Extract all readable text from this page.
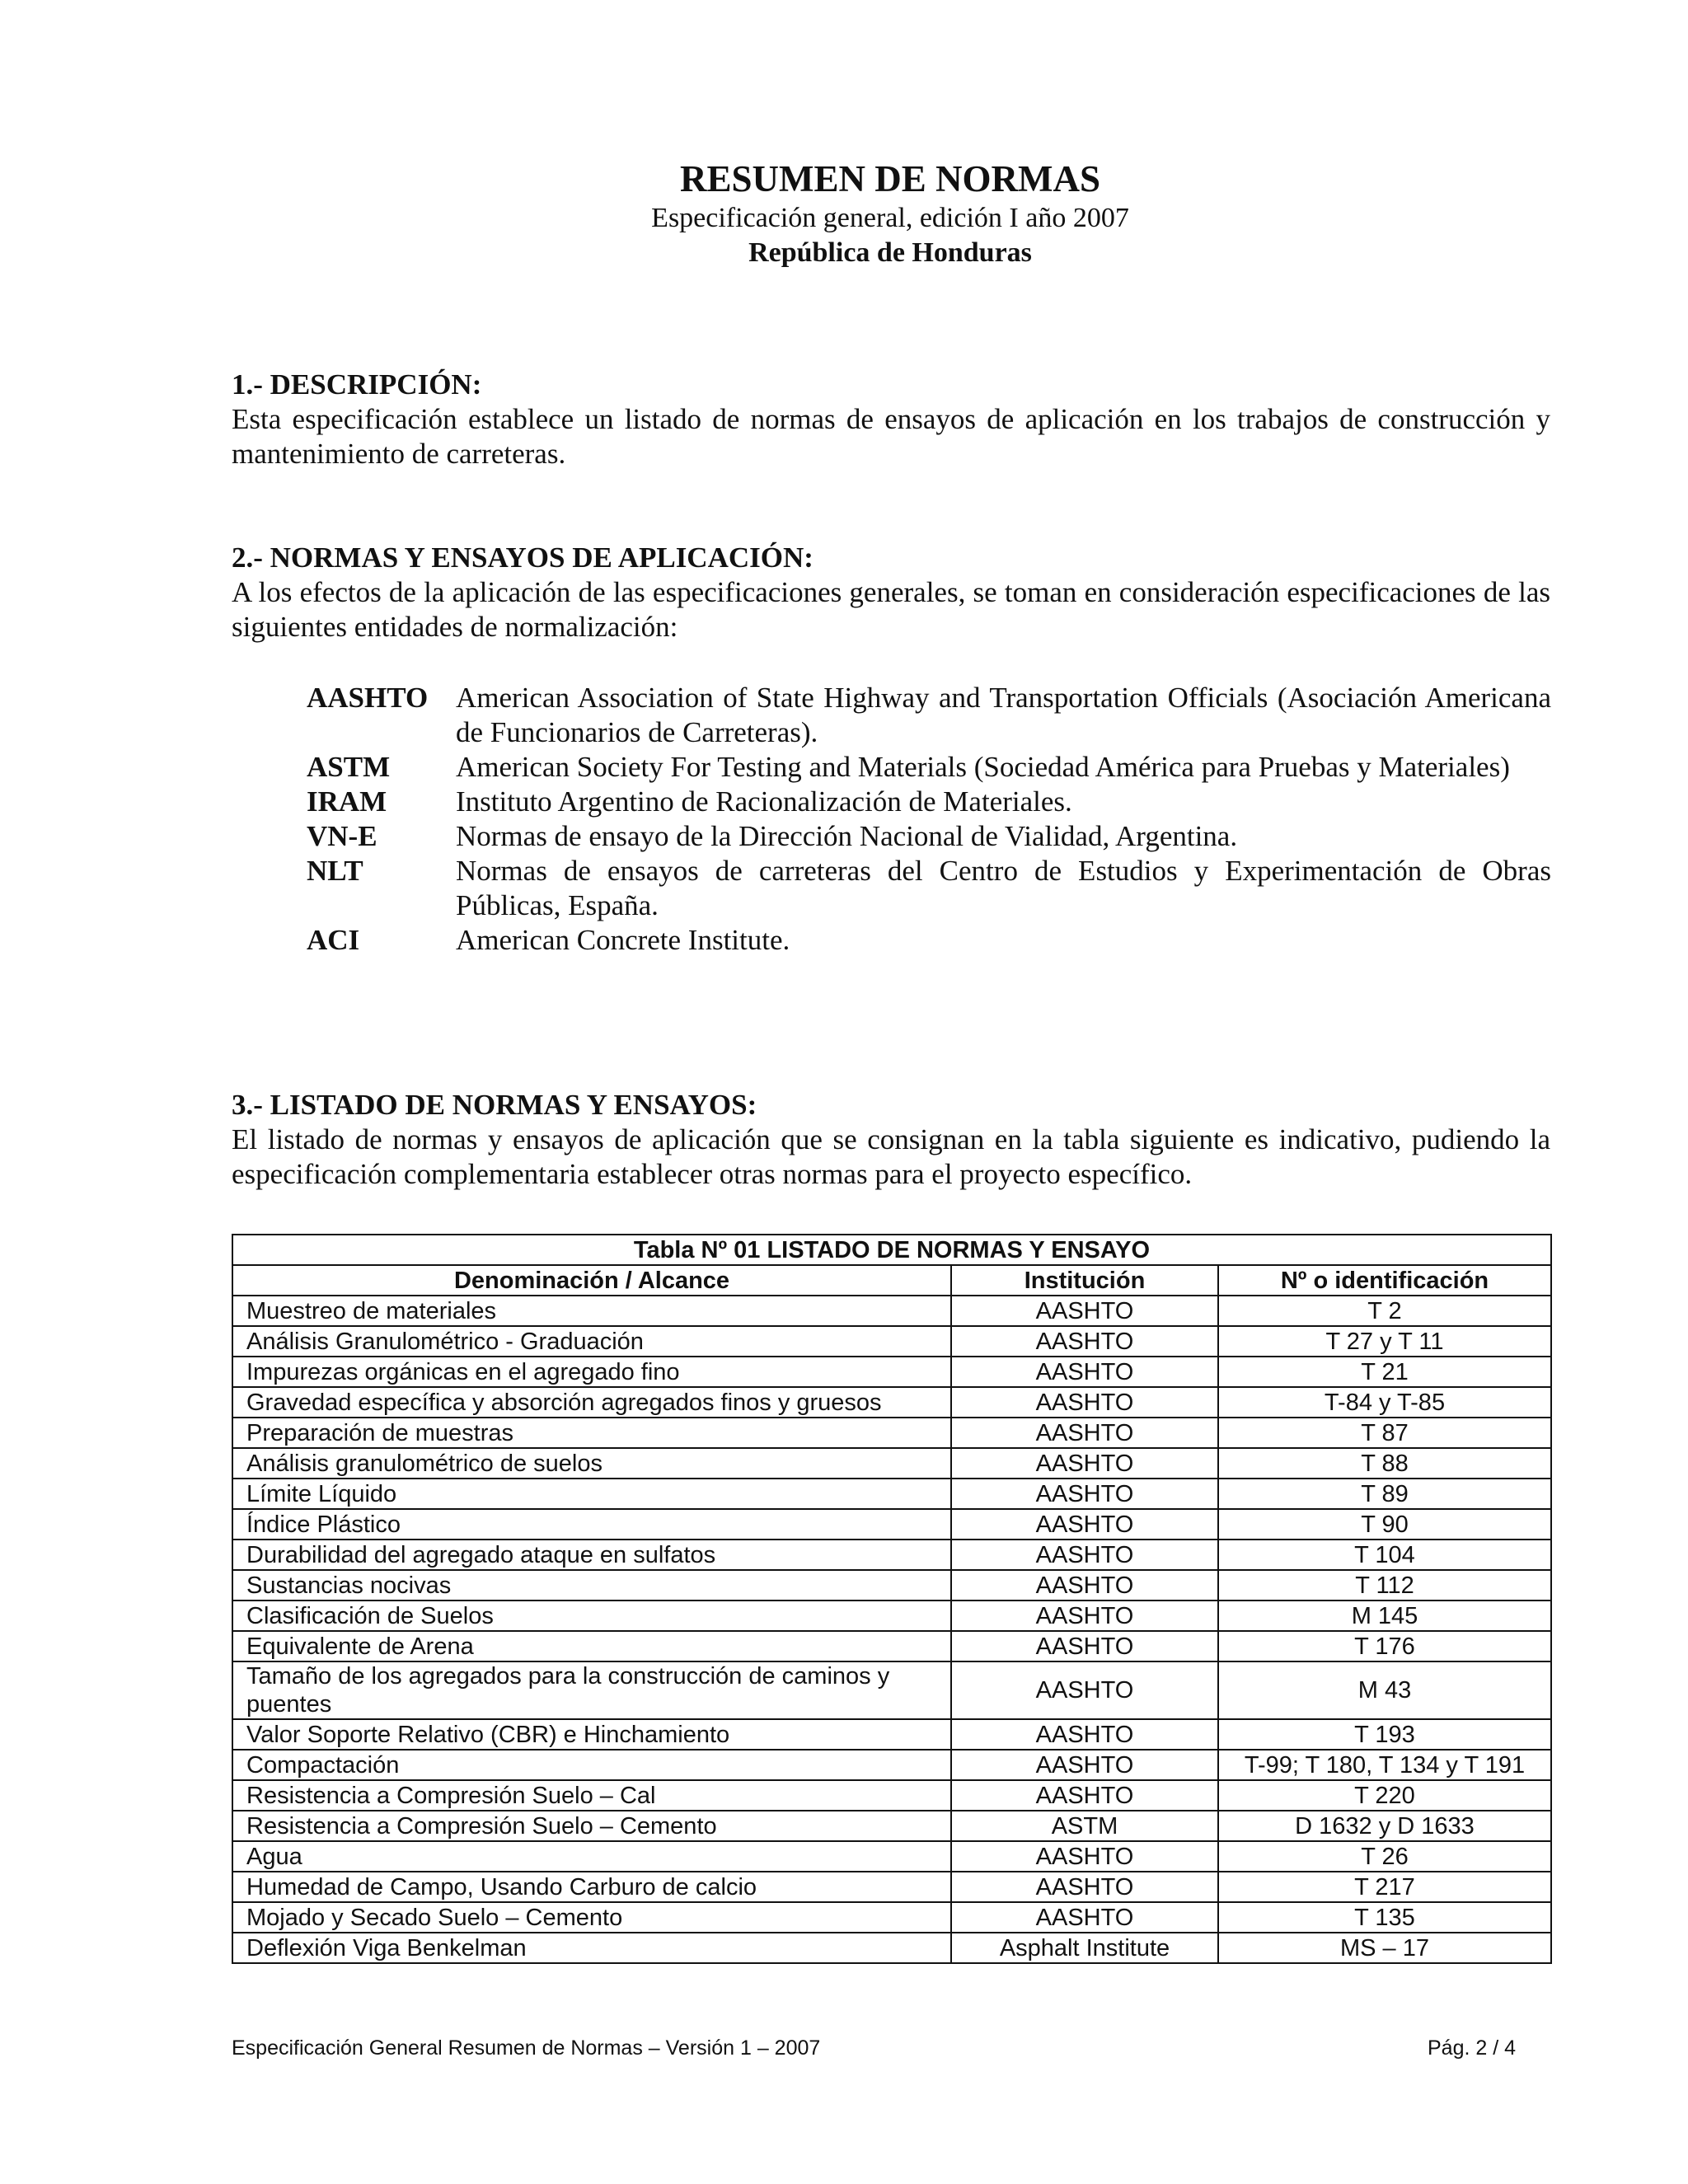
RESUMEN DE NORMAS
Especificación general, edición I año 2007
República de Honduras
1.- DESCRIPCIÓN:

Esta especificación establece un listado de normas de ensayos de aplicación en los trabajos de construcción y mantenimiento de carreteras.

2.- NORMAS Y ENSAYOS DE APLICACIÓN:

A los efectos de la aplicación de las especificaciones generales, se toman en consideración especificaciones de las siguientes entidades de normalización:

AASHTO American Association of State Highway and Transportation Officials (Asociación Americana de Funcionarios de Carreteras).
ASTM	American Society For Testing and Materials (Sociedad América para Pruebas y Materiales)
IRAM	Instituto Argentino de Racionalización de Materiales.
VN-E	Normas de ensayo de la Dirección Nacional de Vialidad, Argentina.
NLT	Normas de ensayos de carreteras del Centro de Estudios y Experimentación de Obras Públicas, España.
ACI	American Concrete Institute.
3.- LISTADO DE NORMAS Y ENSAYOS:

El listado de normas y ensayos de aplicación que se consignan en la tabla siguiente es indicativo, pudiendo la especificación complementaria establecer otras normas para el proyecto específico.

Tabla Nº 01 LISTADO DE NORMAS Y ENSAYO		
Denominación / Alcance	Institución	Nº o identificación
Muestreo de materiales	AASHTO	T 2
Análisis Granulométrico - Graduación	AASHTO	T 27 y T 11
Impurezas orgánicas en el agregado fino	AASHTO	T 21
Gravedad específica y absorción agregados finos y gruesos	AASHTO	T-84 y T-85
Preparación de muestras	AASHTO	T 87
Análisis granulométrico de suelos	AASHTO	T 88
Límite Líquido	AASHTO	T 89
Índice Plástico	AASHTO	T 90
Durabilidad del agregado ataque en sulfatos	AASHTO	T 104
Sustancias nocivas	AASHTO	T 112
Clasificación de Suelos	AASHTO	M 145
Equivalente de Arena	AASHTO	T 176
Tamaño de los agregados para la construcción de caminos y puentes	AASHTO	M 43
Valor Soporte Relativo (CBR) e Hinchamiento	AASHTO	T 193
Compactación	AASHTO	T-99; T 180, T 134 y T 191
Resistencia a Compresión Suelo – Cal	AASHTO	T 220
Resistencia a Compresión Suelo – Cemento	ASTM	D 1632 y D 1633
Agua	AASHTO	T 26
Humedad de Campo, Usando Carburo de calcio	AASHTO	T 217
Mojado y Secado Suelo – Cemento	AASHTO	T 135
Deflexión Viga Benkelman	Asphalt Institute	MS – 17
Especificación General Resumen de Normas – Versión 1 – 2007	Pág. 2 / 4
